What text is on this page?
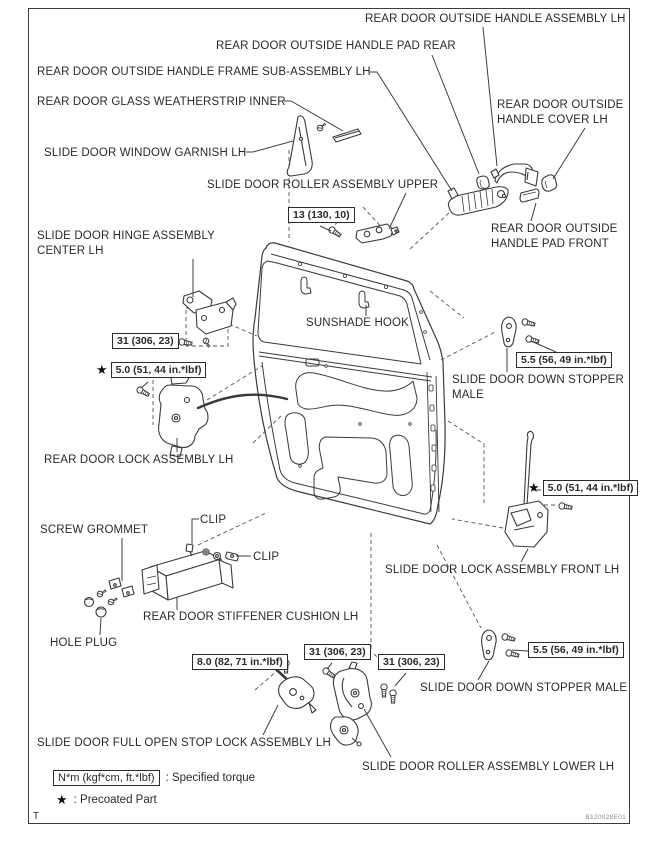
REAR DOOR OUTSIDE HANDLE ASSEMBLY LH
REAR DOOR OUTSIDE HANDLE PAD REAR
REAR DOOR OUTSIDE HANDLE FRAME SUB-ASSEMBLY LH
REAR DOOR GLASS WEATHERSTRIP INNER
SLIDE DOOR WINDOW GARNISH LH
REAR DOOR OUTSIDE
HANDLE COVER LH
SLIDE DOOR ROLLER ASSEMBLY UPPER
REAR DOOR OUTSIDE
HANDLE PAD FRONT
SLIDE DOOR HINGE ASSEMBLY
CENTER LH
SUNSHADE HOOK
SLIDE DOOR DOWN STOPPER
MALE
REAR DOOR LOCK ASSEMBLY LH
SCREW GROMMET
CLIP
CLIP
REAR DOOR STIFFENER CUSHION LH
HOLE PLUG
SLIDE DOOR LOCK ASSEMBLY FRONT LH
SLIDE DOOR DOWN STOPPER MALE
SLIDE DOOR FULL OPEN STOP LOCK ASSEMBLY LH
SLIDE DOOR ROLLER ASSEMBLY LOWER LH
13 (130, 10)
31 (306, 23)
★ 5.0 (51, 44 in.*lbf)
5.5 (56, 49 in.*lbf)
★ 5.0 (51, 44 in.*lbf)
8.0 (82, 71 in.*lbf)
31 (306, 23)
31 (306, 23)
5.5 (56, 49 in.*lbf)
N*m (kgf*cm, ft.*lbf) : Specified torque
★ : Precoated Part
T	B120028E01
